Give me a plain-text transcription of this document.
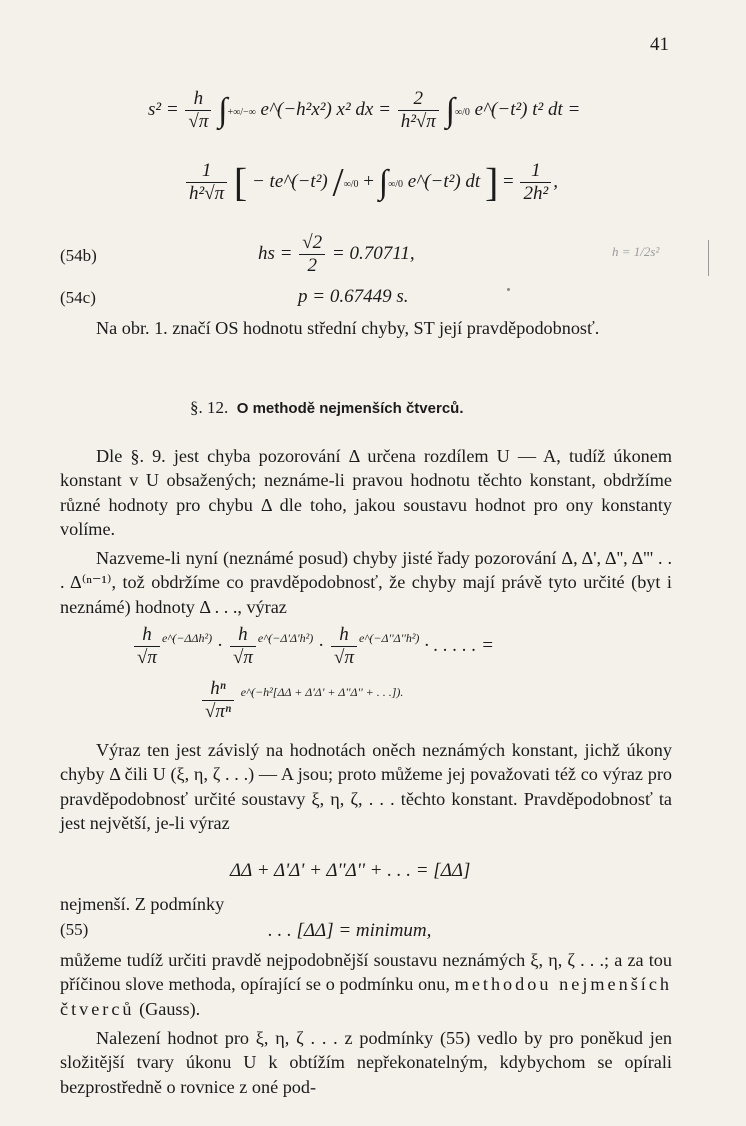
41
$s^2 = \frac{h}{√\pi}$ ∫+∞/−∞ e^(−h²x²) x² dx = $\frac{2}{\text{h²√π}} \int\infty/0$ e^(−t²) t² dt =
$\frac{1}{\text{h²√π}}$ [ − te^(−t²) /∞/0 + ∫∞/0 e^(−t²) dt ] = $\frac{1}{\text{2h²}}$ ,
(54b)	hs = $\frac{√2}{2} = 0.70711$,	h = 1/2s²
(54c)	p = 0.67449 s.

Na obr. 1. značí OS hodnotu střední chyby, ST její pravděpodobnosť.

§. 12. O methodě nejmenších čtverců.

Dle §. 9. jest chyba pozorování Δ určena rozdílem U — A, tudíž úkonem konstant v U obsažených; neznáme-li pravou hodnotu těchto konstant, obdržíme různé hodnoty pro chybu Δ dle toho, jakou soustavu hodnot pro ony konstanty volíme.

Nazveme-li nyní (neznámé posud) chyby jisté řady pozorování Δ, Δ', Δ'', Δ''' . . . Δ⁽ⁿ⁻¹⁾, tož obdržíme co pravděpodobnosť, že chyby mají právě tyto určité (byt i neznámé) hodnoty Δ . . ., výraz

$\frac{h}{√\pi} ^{e\^{}(-\Delta\Delta h^2)} \cdot \frac{h}{√\pi} ^{e\^{}(-\Delta'\Delta'h^2)} \cdot \frac{h}{√\pi} ^{e\^{}(-\Delta''\Delta''h^2)}$ · . . . . . =
$\frac{\text{hⁿ}}{\text{√πⁿ}} ^{e\^{}(-h^2[\Delta\Delta + \Delta'\Delta' + \Delta''\Delta'' + . . .]).}$

Výraz ten jest závislý na hodnotách oněch neznámých konstant, jichž úkony chyby Δ čili U (ξ, η, ζ . . .) — A jsou; proto můžeme jej považovati též co výraz pro pravděpodobnosť určité soustavy ξ, η, ζ, . . . těchto konstant. Pravděpodobnosť ta jest největší, je-li výraz

ΔΔ + Δ'Δ' + Δ''Δ'' + . . . = [ΔΔ]

nejmenší. Z podmínky

(55)	. . . [ΔΔ] = minimum,

můžeme tudíž určiti pravdě nejpodobnější soustavu neznámých ξ, η, ζ . . .; a za tou příčinou slove methoda, opírající se o podmínku onu, methodou nejmenších čtverců (Gauss).

Nalezení hodnot pro ξ, η, ζ . . . z podmínky (55) vedlo by pro poněkud jen složitější tvary úkonu U k obtížím nepřekonatelným, kdybychom se opírali bezprostředně o rovnice z oné pod-
